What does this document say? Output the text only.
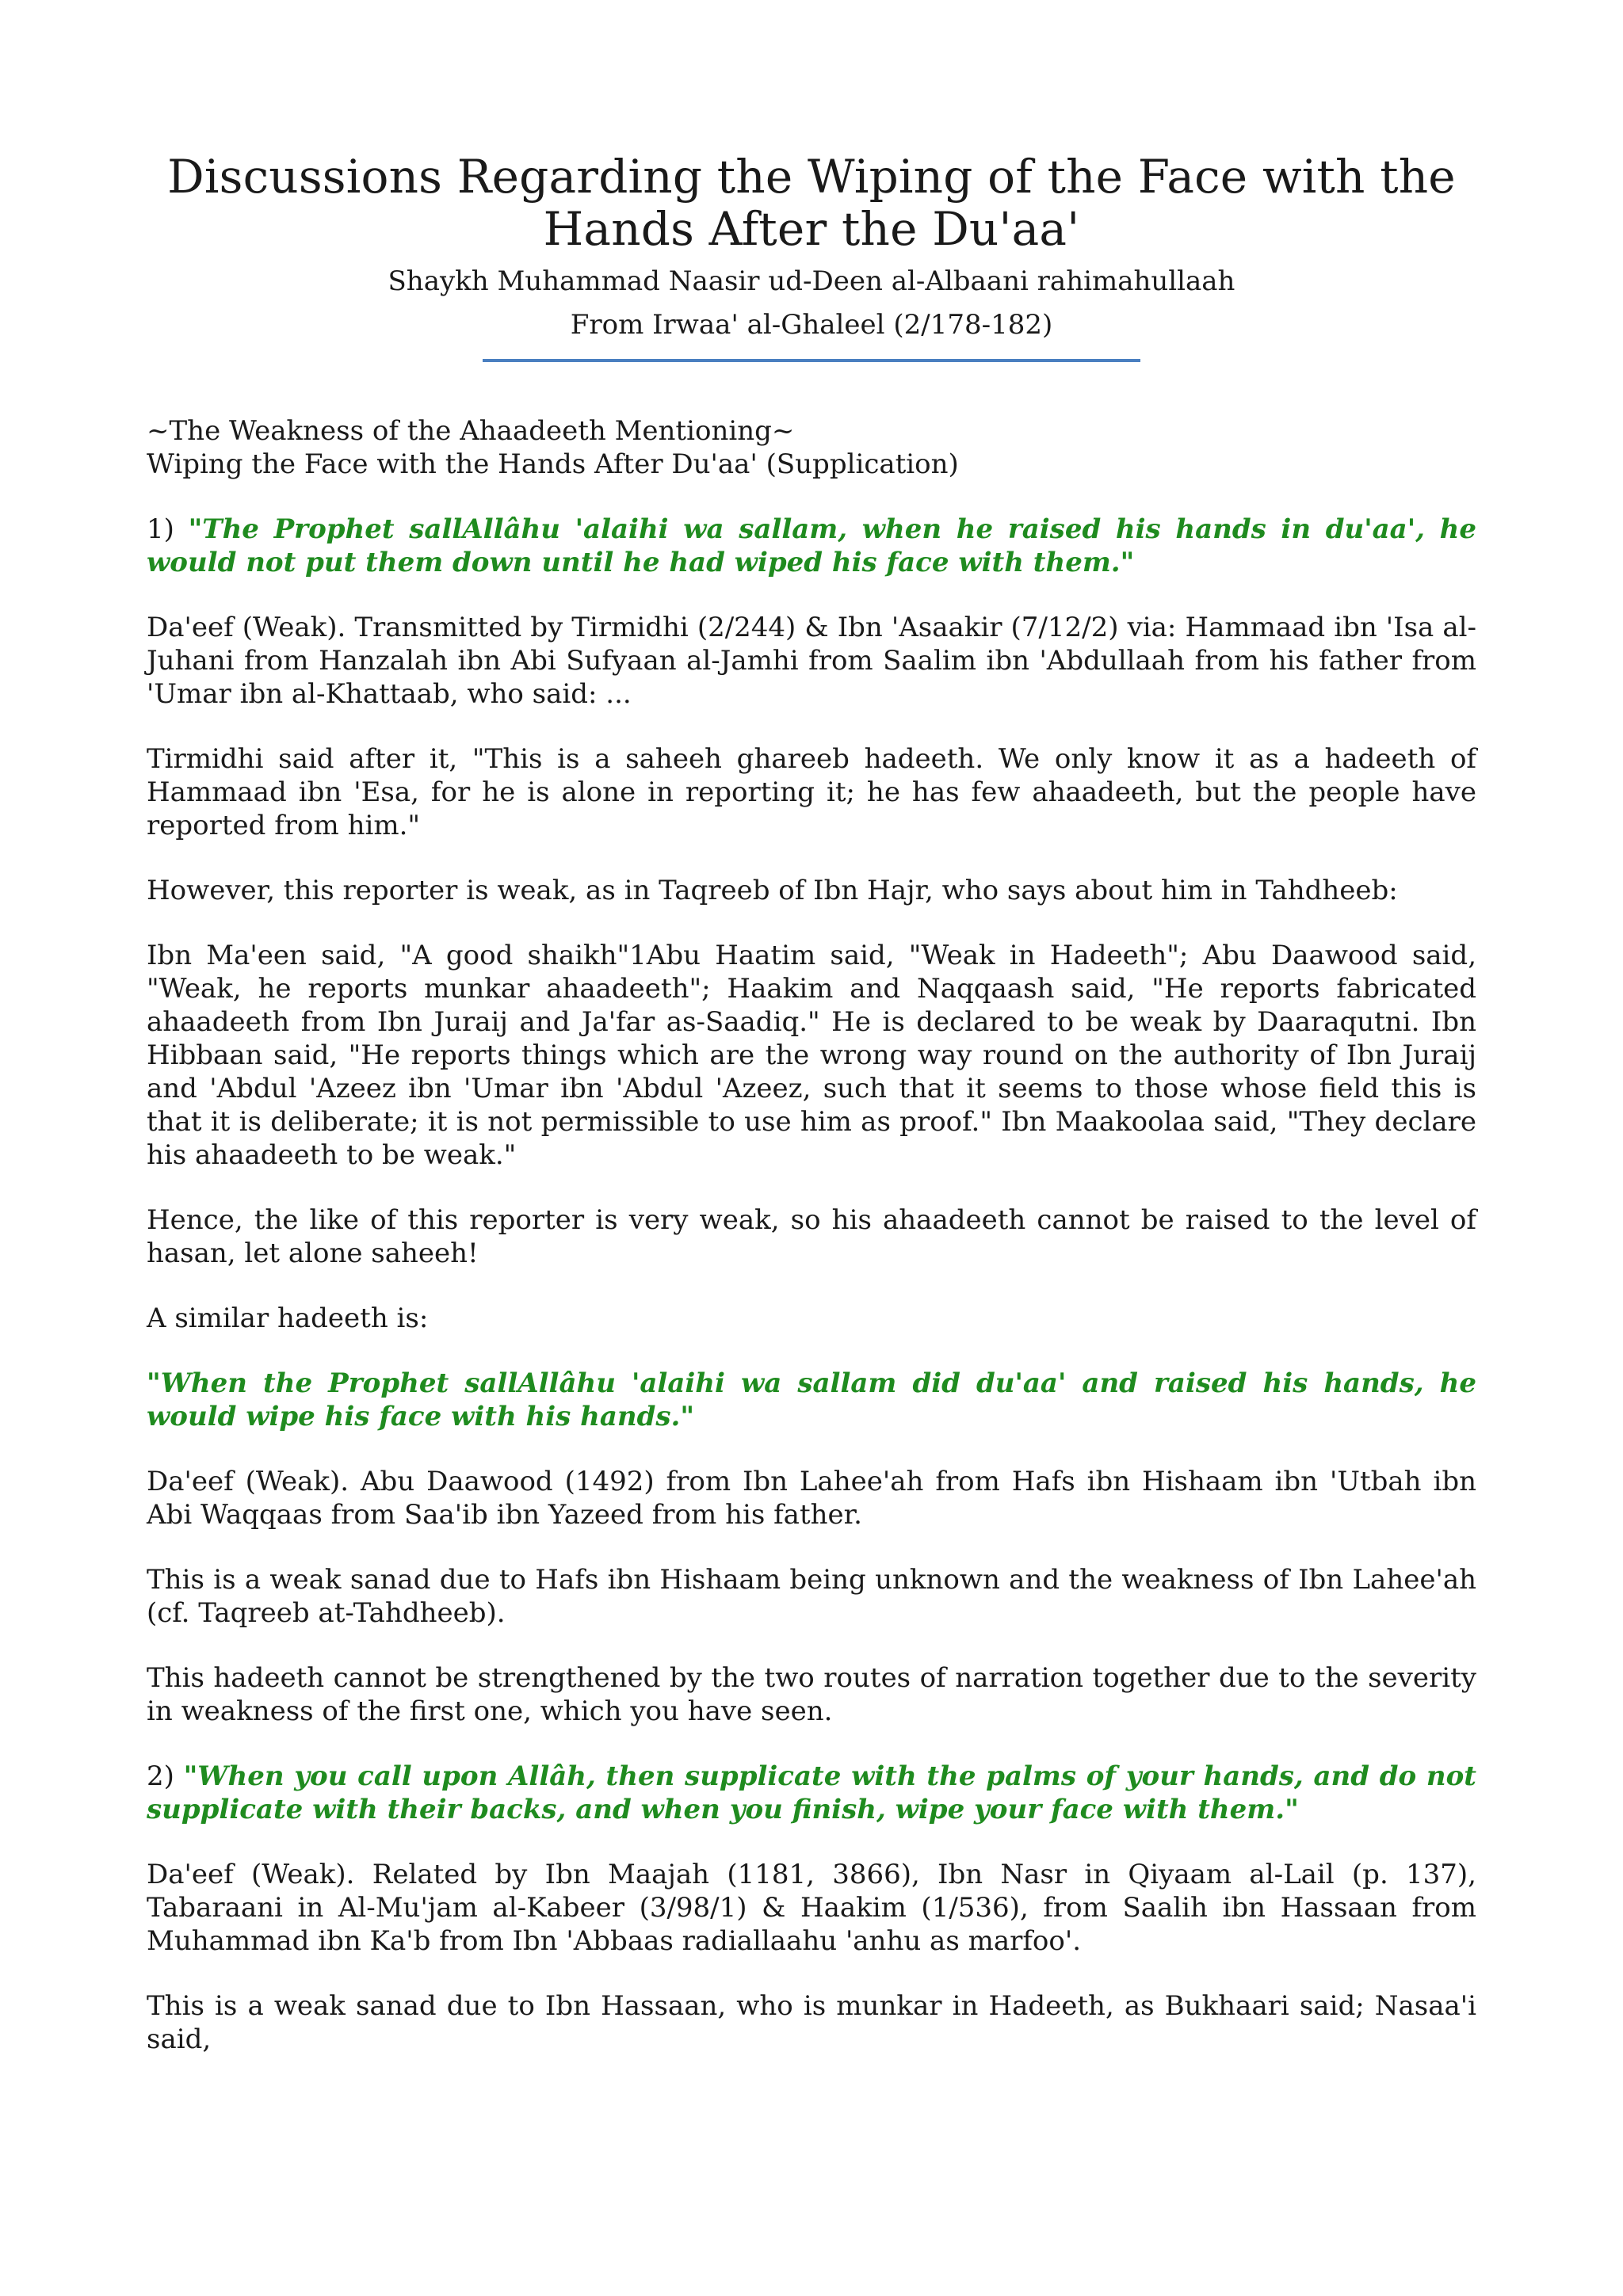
Discussions Regarding the Wiping of the Face with the
Hands After the Du'aa'

Shaykh Muhammad Naasir ud-Deen al-Albaani rahimahullaah

From Irwaa' al-Ghaleel (2/178-182)

~The Weakness of the Ahaadeeth Mentioning~
Wiping the Face with the Hands After Du'aa' (Supplication)

1) "The Prophet sallAllâhu 'alaihi wa sallam, when he raised his hands in du'aa', he would not put them down until he had wiped his face with them."

Da'eef (Weak). Transmitted by Tirmidhi (2/244) & Ibn 'Asaakir (7/12/2) via: Hammaad ibn 'Isa al-Juhani from Hanzalah ibn Abi Sufyaan al-Jamhi from Saalim ibn 'Abdullaah from his father from 'Umar ibn al-Khattaab, who said: ...

Tirmidhi said after it, "This is a saheeh ghareeb hadeeth. We only know it as a hadeeth of Hammaad ibn 'Esa, for he is alone in reporting it; he has few ahaadeeth, but the people have reported from him."

However, this reporter is weak, as in Taqreeb of Ibn Hajr, who says about him in Tahdheeb:

Ibn Ma'een said, "A good shaikh"1Abu Haatim said, "Weak in Hadeeth"; Abu Daawood said, "Weak, he reports munkar ahaadeeth"; Haakim and Naqqaash said, "He reports fabricated ahaadeeth from Ibn Juraij and Ja'far as-Saadiq." He is declared to be weak by Daaraqutni. Ibn Hibbaan said, "He reports things which are the wrong way round on the authority of Ibn Juraij and 'Abdul 'Azeez ibn 'Umar ibn 'Abdul 'Azeez, such that it seems to those whose field this is that it is deliberate; it is not permissible to use him as proof." Ibn Maakoolaa said, "They declare his ahaadeeth to be weak."

Hence, the like of this reporter is very weak, so his ahaadeeth cannot be raised to the level of hasan, let alone saheeh!

A similar hadeeth is:

"When the Prophet sallAllâhu 'alaihi wa sallam did du'aa' and raised his hands, he would wipe his face with his hands."

Da'eef (Weak). Abu Daawood (1492) from Ibn Lahee'ah from Hafs ibn Hishaam ibn 'Utbah ibn Abi Waqqaas from Saa'ib ibn Yazeed from his father.

This is a weak sanad due to Hafs ibn Hishaam being unknown and the weakness of Ibn Lahee'ah (cf. Taqreeb at-Tahdheeb).

This hadeeth cannot be strengthened by the two routes of narration together due to the severity in weakness of the first one, which you have seen.

2) "When you call upon Allâh, then supplicate with the palms of your hands, and do not supplicate with their backs, and when you finish, wipe your face with them."

Da'eef (Weak). Related by Ibn Maajah (1181, 3866), Ibn Nasr in Qiyaam al-Lail (p. 137), Tabaraani in Al-Mu'jam al-Kabeer (3/98/1) & Haakim (1/536), from Saalih ibn Hassaan from Muhammad ibn Ka'b from Ibn 'Abbaas radiallaahu 'anhu as marfoo'.

This is a weak sanad due to Ibn Hassaan, who is munkar in Hadeeth, as Bukhaari said; Nasaa'i said,
